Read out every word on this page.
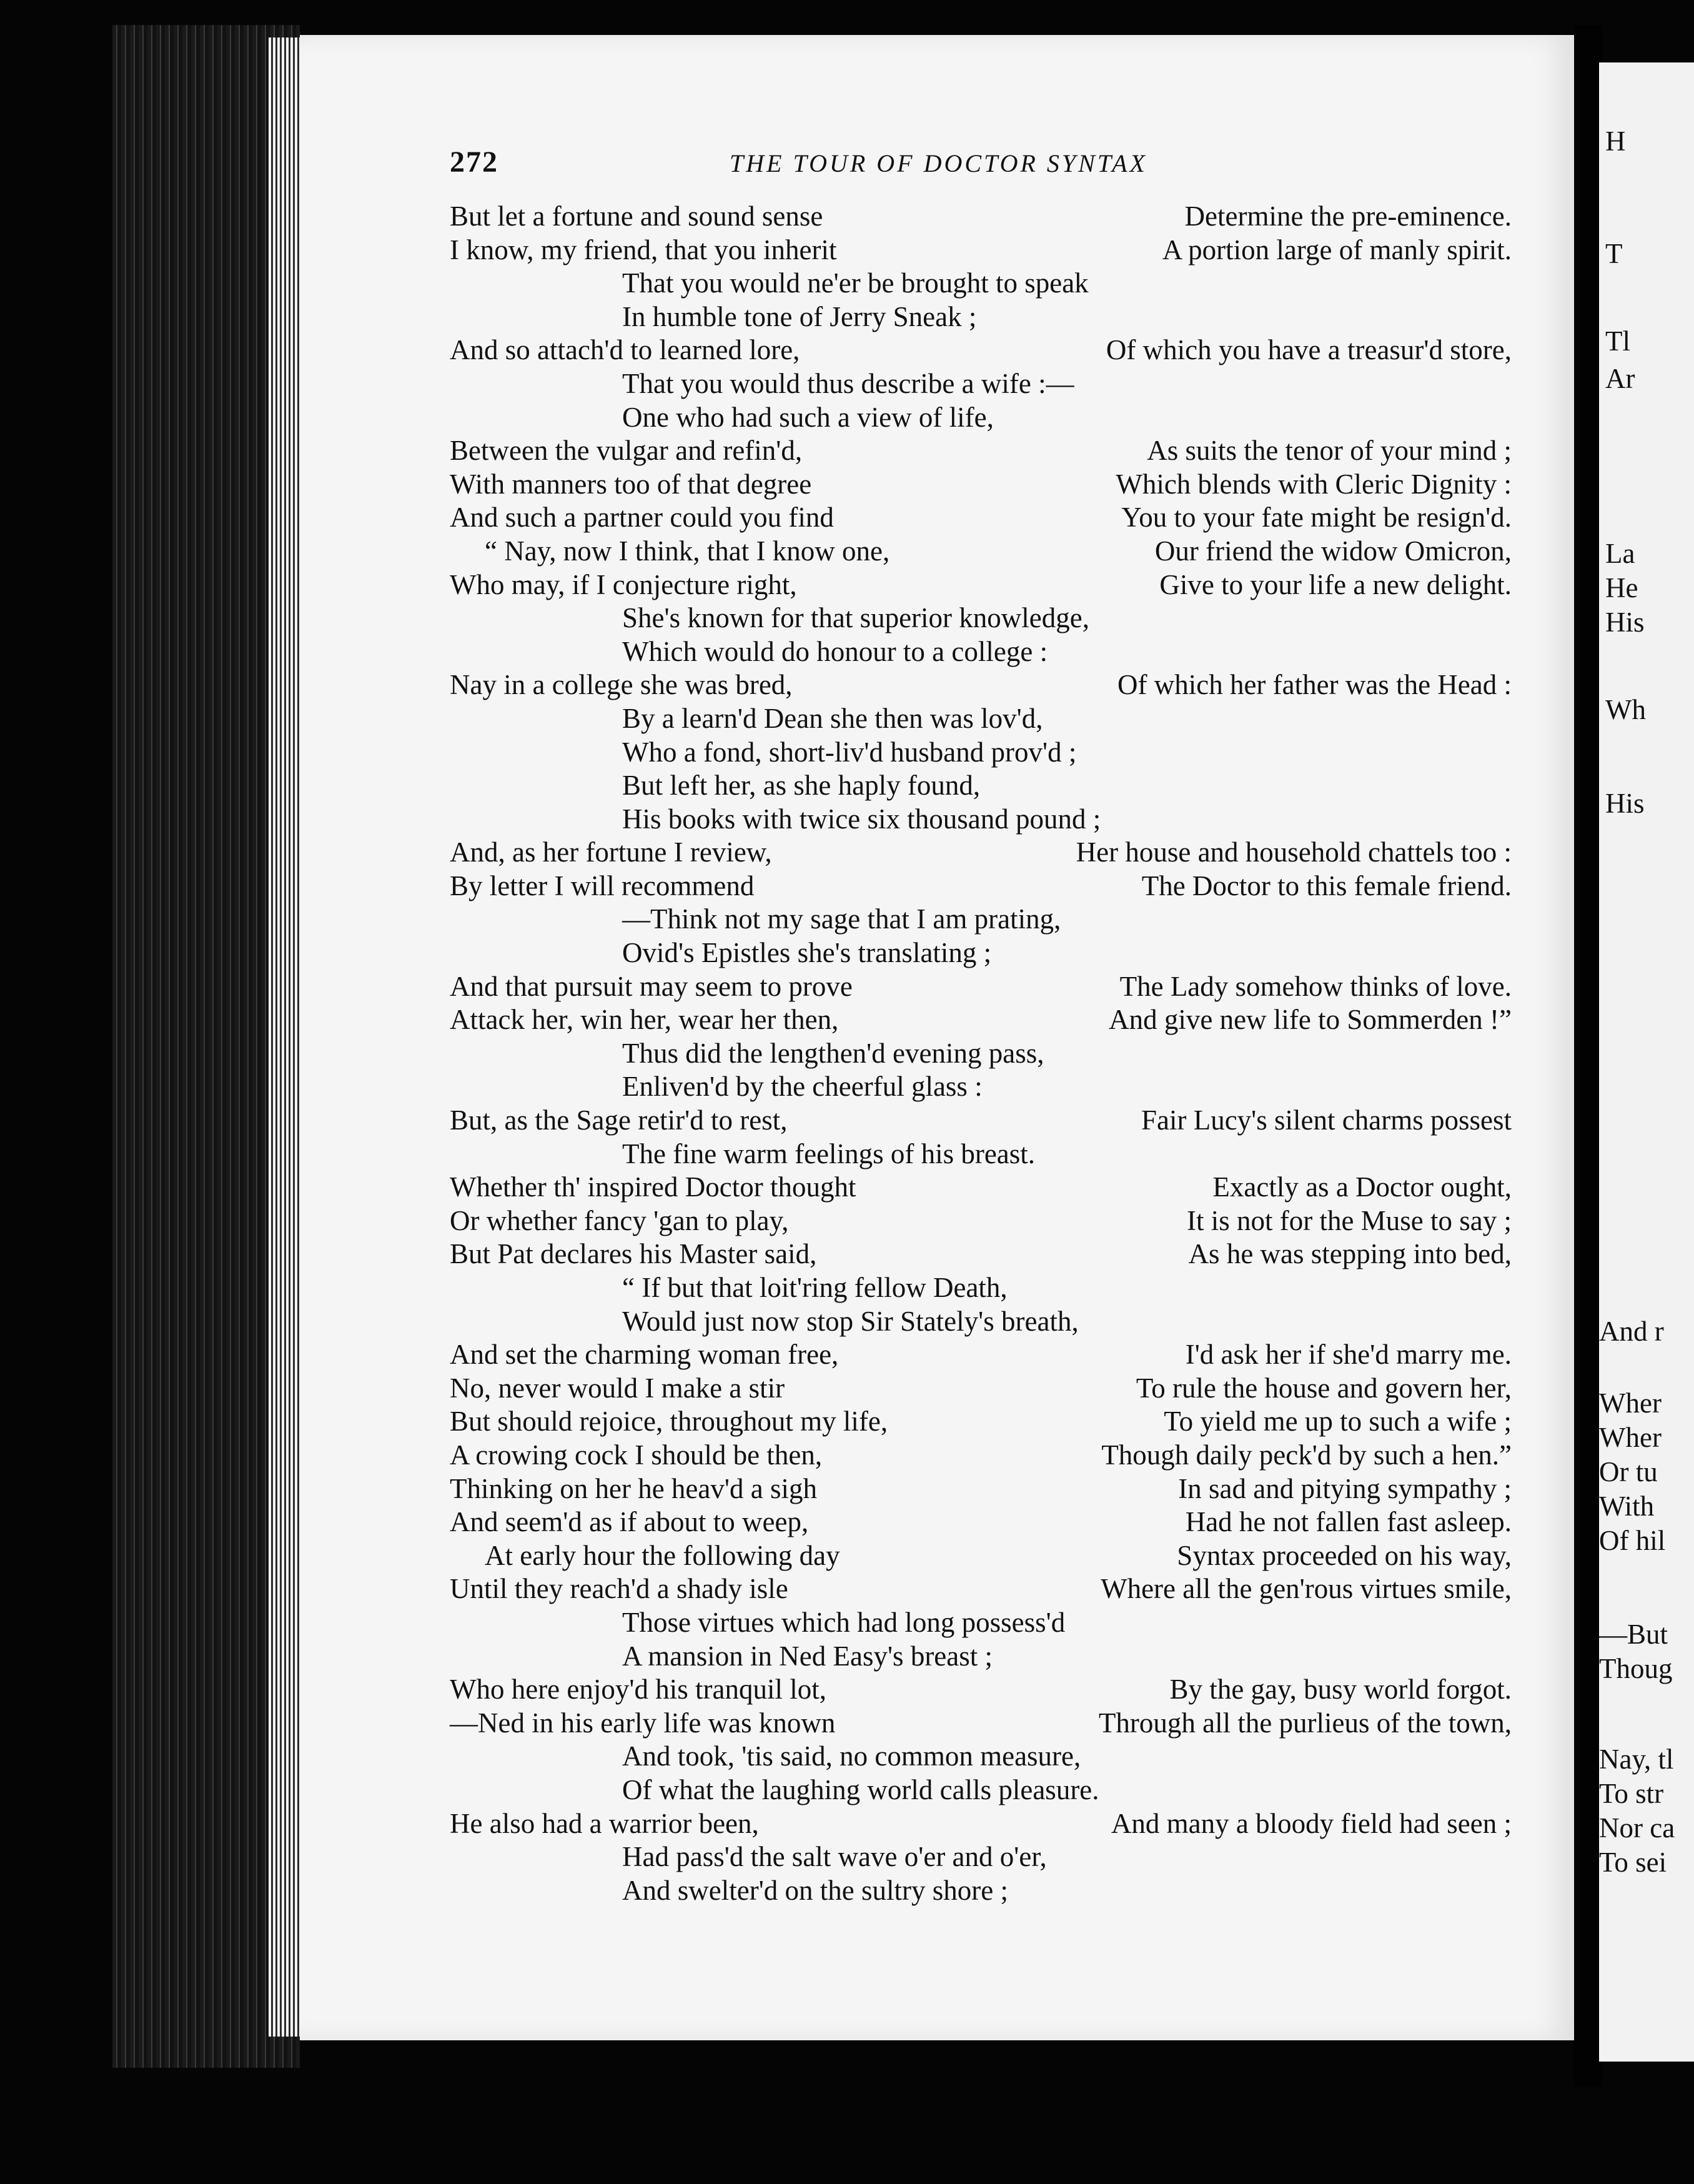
H
T
Tl
Ar
La
He
His
Wh
His
And r
Wher
Wher
Or tu
With
Of hil
—But
Thoug
Nay, tl
To str
Nor ca
To sei
272	THE TOUR OF DOCTOR SYNTAX
But let a fortune and sound sense	Determine the pre-eminence.
I know, my friend, that you inherit	A portion large of manly spirit.
That you would ne'er be brought to speak
In humble tone of Jerry Sneak ;
And so attach'd to learned lore,	Of which you have a treasur'd store,
That you would thus describe a wife :—
One who had such a view of life,
Between the vulgar and refin'd,	As suits the tenor of your mind ;
With manners too of that degree	Which blends with Cleric Dignity :
And such a partner could you find	You to your fate might be resign'd.
“ Nay, now I think, that I know one,	Our friend the widow Omicron,
Who may, if I conjecture right,	Give to your life a new delight.
She's known for that superior knowledge,
Which would do honour to a college :
Nay in a college she was bred,	Of which her father was the Head :
By a learn'd Dean she then was lov'd,
Who a fond, short-liv'd husband prov'd ;
But left her, as she haply found,
His books with twice six thousand pound ;
And, as her fortune I review,	Her house and household chattels too :
By letter I will recommend	The Doctor to this female friend.
—Think not my sage that I am prating,
Ovid's Epistles she's translating ;
And that pursuit may seem to prove	The Lady somehow thinks of love.
Attack her, win her, wear her then,	And give new life to Sommerden !”
Thus did the lengthen'd evening pass,
Enliven'd by the cheerful glass :
But, as the Sage retir'd to rest,	Fair Lucy's silent charms possest
The fine warm feelings of his breast.
Whether th' inspired Doctor thought	Exactly as a Doctor ought,
Or whether fancy 'gan to play,	It is not for the Muse to say ;
But Pat declares his Master said,	As he was stepping into bed,
“ If but that loit'ring fellow Death,
Would just now stop Sir Stately's breath,
And set the charming woman free,	I'd ask her if she'd marry me.
No, never would I make a stir	To rule the house and govern her,
But should rejoice, throughout my life,	To yield me up to such a wife ;
A crowing cock I should be then,	Though daily peck'd by such a hen.”
Thinking on her he heav'd a sigh	In sad and pitying sympathy ;
And seem'd as if about to weep,	Had he not fallen fast asleep.
At early hour the following day	Syntax proceeded on his way,
Until they reach'd a shady isle	Where all the gen'rous virtues smile,
Those virtues which had long possess'd
A mansion in Ned Easy's breast ;
Who here enjoy'd his tranquil lot,	By the gay, busy world forgot.
—Ned in his early life was known	Through all the purlieus of the town,
And took, 'tis said, no common measure,
Of what the laughing world calls pleasure.
He also had a warrior been,	And many a bloody field had seen ;
Had pass'd the salt wave o'er and o'er,
And swelter'd on the sultry shore ;
